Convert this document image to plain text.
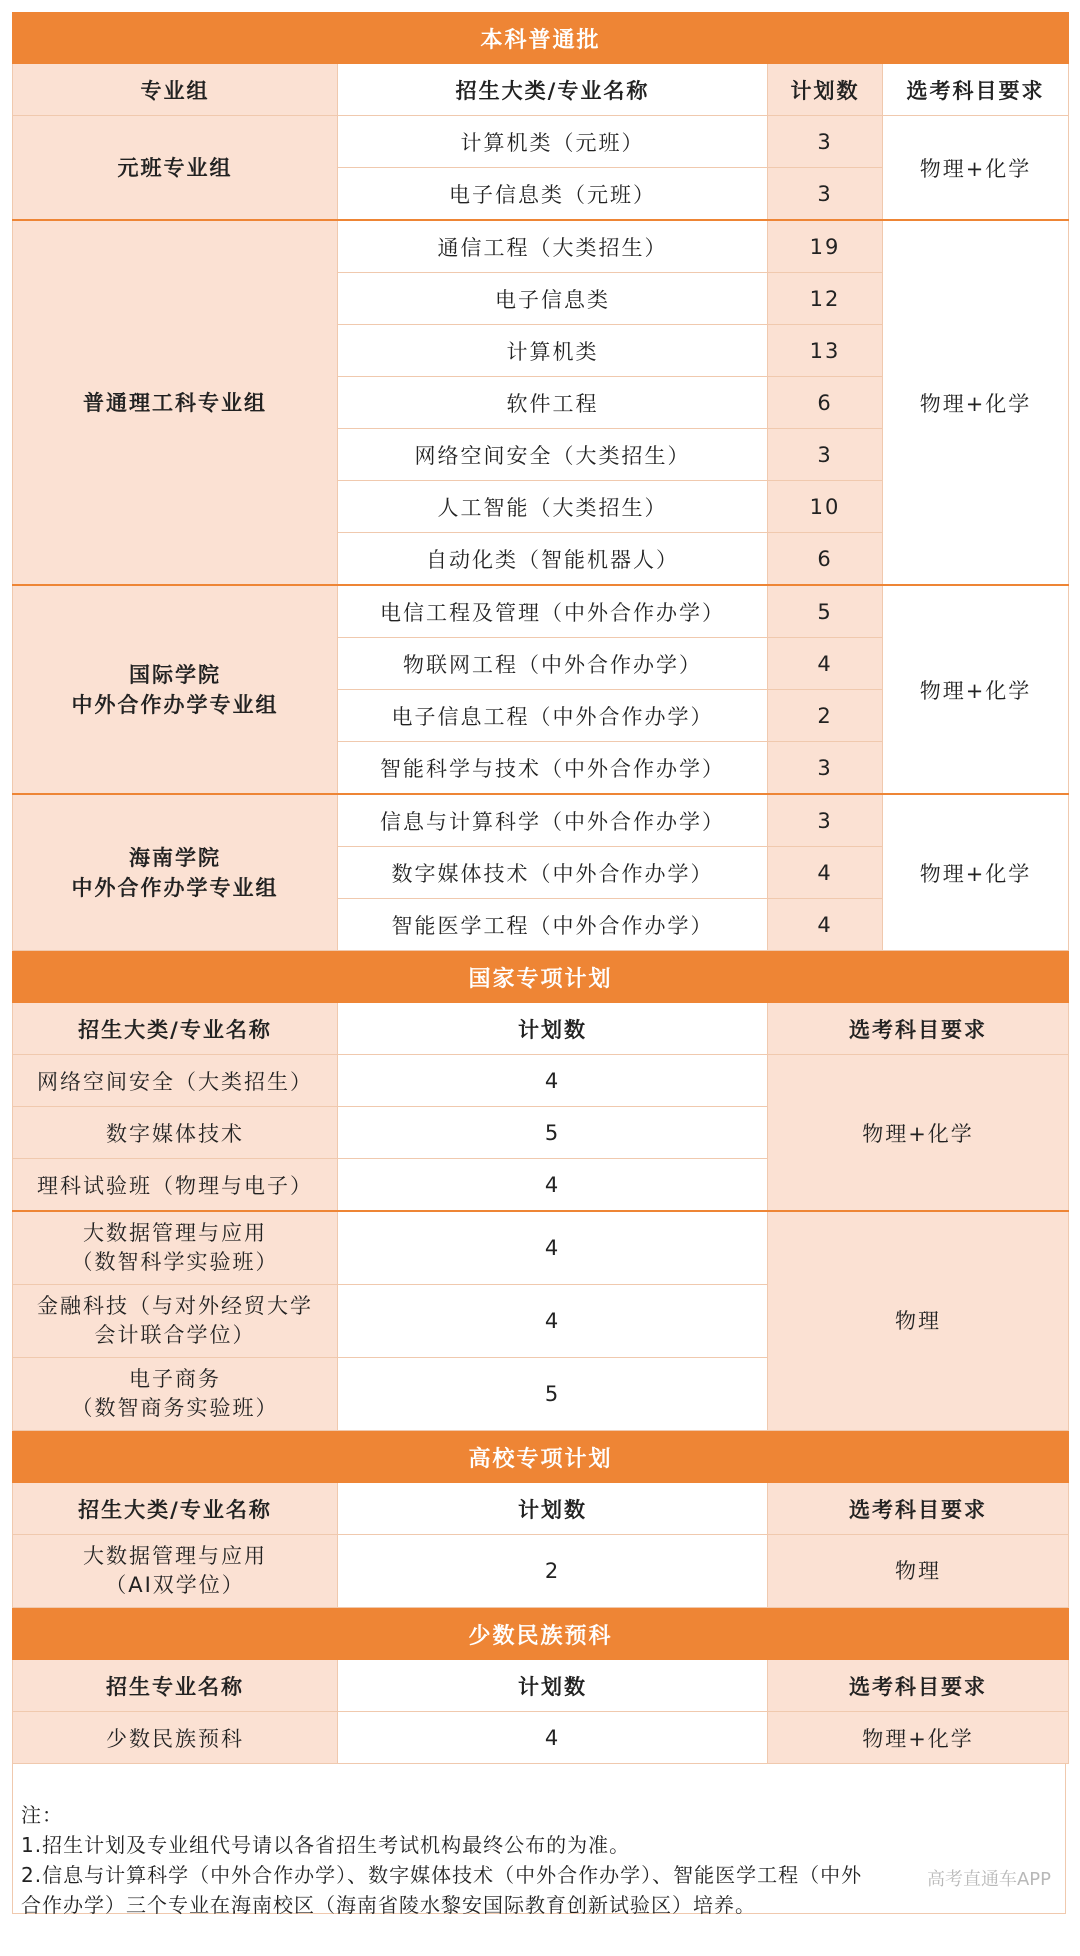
本科普通批			
专业组	招生大类/专业名称	计划数	选考科目要求

元班专业组	计算机类（元班）	3	物理+化学
	电子信息类（元班）	3	

普通理工科专业组	通信工程（大类招生）	19	物理+化学
	电子信息类	12	
	计算机类	13	
	软件工程	6	
	网络空间安全（大类招生）	3	
	人工智能（大类招生）	10	
	自动化类（智能机器人）	6	

国际学院
中外合作办学专业组	电信工程及管理（中外合作办学）	5	物理+化学
	物联网工程（中外合作办学）	4	
	电子信息工程（中外合作办学）	2	
	智能科学与技术（中外合作办学）	3	

海南学院
中外合作办学专业组	信息与计算科学（中外合作办学）	3	物理+化学
	数字媒体技术（中外合作办学）	4	
	智能医学工程（中外合作办学）	4	
国家专项计划		
招生大类/专业名称	计划数	选考科目要求

网络空间安全（大类招生）	4	物理+化学

数字媒体技术	5	

理科试验班（物理与电子）	4	

大数据管理与应用
（数智科学实验班）	4	物理

金融科技（与对外经贸大学
会计联合学位）	4	

电子商务
（数智商务实验班）	5	
高校专项计划		
招生大类/专业名称	计划数	选考科目要求

大数据管理与应用
（AI双学位）	2	物理
少数民族预科		
招生专业名称	计划数	选考科目要求

少数民族预科	4	物理+化学
注：
1.招生计划及专业组代号请以各省招生考试机构最终公布的为准。
2.信息与计算科学（中外合作办学）、数字媒体技术（中外合作办学）、智能医学工程（中外
合作办学）三个专业在海南校区（海南省陵水黎安国际教育创新试验区）培养。
高考直通车APP
